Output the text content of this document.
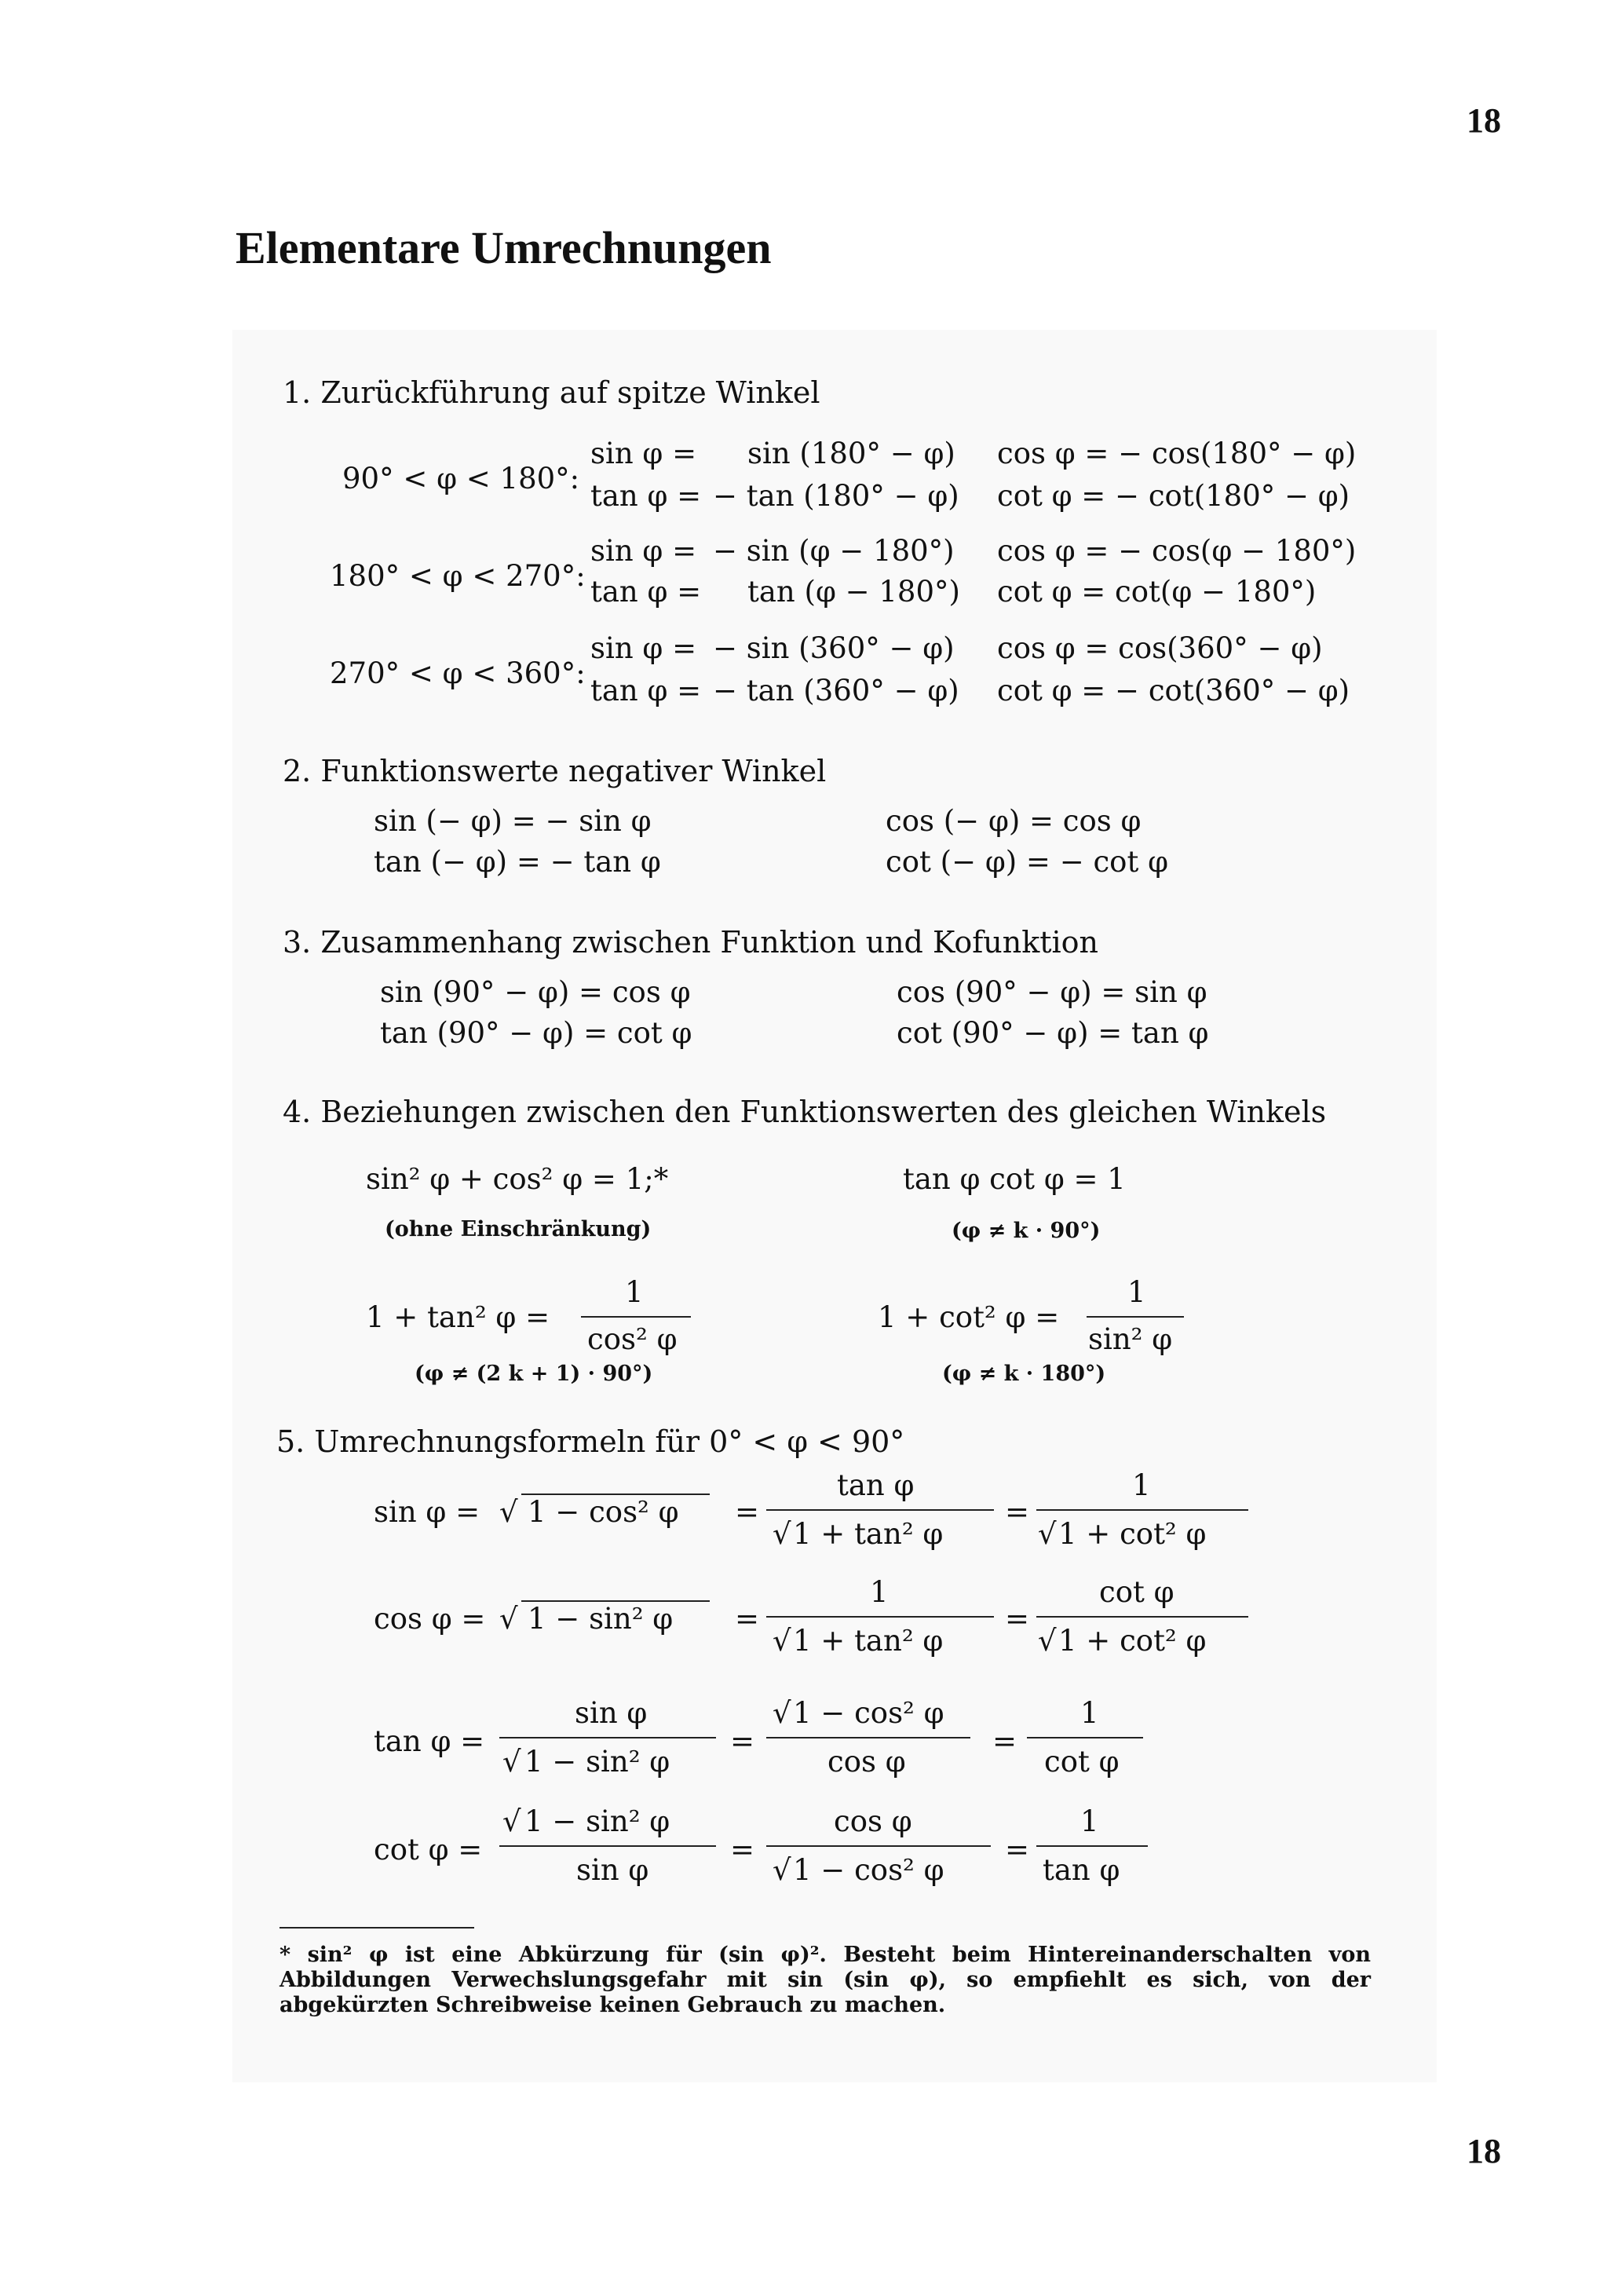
18
Elementare Umrechnungen
1. Zurückführung auf spitze Winkel
90° < φ < 180°:
sin φ = sin (180° − φ) cos φ = − cos(180° − φ)
tan φ = − tan (180° − φ) cot φ = − cot(180° − φ)
180° < φ < 270°:
sin φ = − sin (φ − 180°) cos φ = − cos(φ − 180°)
tan φ = tan (φ − 180°) cot φ = cot(φ − 180°)
270° < φ < 360°:
sin φ = − sin (360° − φ) cos φ = cos(360° − φ)
tan φ = − tan (360° − φ) cot φ = − cot(360° − φ)
2. Funktionswerte negativer Winkel
sin (− φ) = − sin φ	cos (− φ) = cos φ
tan (− φ) = − tan φ	cot (− φ) = − cot φ
3. Zusammenhang zwischen Funktion und Kofunktion
sin (90° − φ) = cos φ	cos (90° − φ) = sin φ
tan (90° − φ) = cot φ	cot (90° − φ) = tan φ
4. Beziehungen zwischen den Funktionswerten des gleichen Winkels
sin² φ + cos² φ = 1;*
(ohne Einschränkung)
tan φ cot φ = 1
(φ ≠ k · 90°)
1 + tan² φ =
1
cos² φ
(φ ≠ (2 k + 1) · 90°)
1 + cot² φ =
1
sin² φ
(φ ≠ k · 180°)
5. Umrechnungsformeln für 0° < φ < 90°
sin φ = √ 1 − cos² φ =
tan φ
√ 1 + tan² φ
=
1
√ 1 + cot² φ
cos φ = √ 1 − sin² φ =
1
√ 1 + tan² φ
=
cot φ
√ 1 + cot² φ
tan φ =
sin φ
√ 1 − sin² φ
=
√ 1 − cos² φ
cos φ
=
1
cot φ
cot φ =
√ 1 − sin² φ
sin φ
=
cos φ
√ 1 − cos² φ
=
1
tan φ

* sin² φ ist eine Abkürzung für (sin φ)². Besteht beim Hintereinanderschalten von Abbildungen Verwechslungsgefahr mit sin (sin φ), so empfiehlt es sich, von der abgekürzten Schreibweise keinen Gebrauch zu machen.

18
